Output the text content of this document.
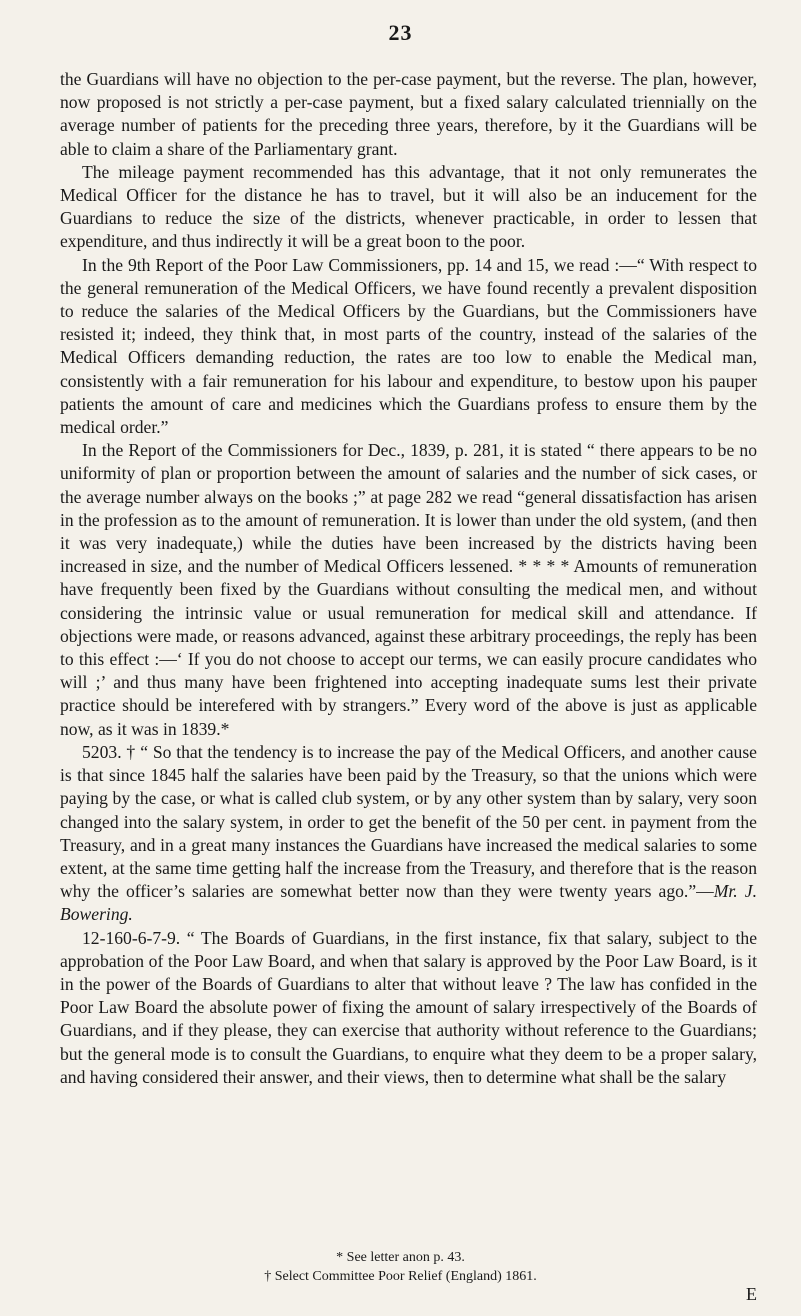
23

the Guardians will have no objection to the per-case payment, but the reverse. The plan, however, now proposed is not strictly a per-case payment, but a fixed salary calculated triennially on the average number of patients for the preceding three years, therefore, by it the Guardians will be able to claim a share of the Parliamentary grant.

The mileage payment recommended has this advantage, that it not only remunerates the Medical Officer for the distance he has to travel, but it will also be an inducement for the Guardians to reduce the size of the districts, whenever practicable, in order to lessen that expenditure, and thus indirectly it will be a great boon to the poor.

In the 9th Report of the Poor Law Commissioners, pp. 14 and 15, we read :—“ With respect to the general remuneration of the Medical Officers, we have found recently a prevalent disposition to reduce the salaries of the Medical Officers by the Guardians, but the Commissioners have resisted it; indeed, they think that, in most parts of the country, instead of the salaries of the Medical Officers demanding reduction, the rates are too low to enable the Medical man, consistently with a fair remuneration for his labour and expenditure, to bestow upon his pauper patients the amount of care and medicines which the Guardians profess to ensure them by the medical order.”

In the Report of the Commissioners for Dec., 1839, p. 281, it is stated “ there appears to be no uniformity of plan or proportion between the amount of salaries and the number of sick cases, or the average number always on the books ;” at page 282 we read “general dissatisfaction has arisen in the profession as to the amount of remuneration. It is lower than under the old system, (and then it was very inadequate,) while the duties have been increased by the districts having been increased in size, and the number of Medical Officers lessened. * * * * Amounts of remuneration have frequently been fixed by the Guardians without consulting the medical men, and without considering the intrinsic value or usual remuneration for medical skill and attendance. If objections were made, or reasons advanced, against these arbitrary proceedings, the reply has been to this effect :—‘ If you do not choose to accept our terms, we can easily procure candidates who will ;’ and thus many have been frightened into accepting inadequate sums lest their private practice should be interefered with by strangers.” Every word of the above is just as applicable now, as it was in 1839.*

5203. † “ So that the tendency is to increase the pay of the Medical Officers, and another cause is that since 1845 half the salaries have been paid by the Treasury, so that the unions which were paying by the case, or what is called club system, or by any other system than by salary, very soon changed into the salary system, in order to get the benefit of the 50 per cent. in payment from the Treasury, and in a great many instances the Guardians have increased the medical salaries to some extent, at the same time getting half the increase from the Treasury, and therefore that is the reason why the officer’s salaries are somewhat better now than they were twenty years ago.”—Mr. J. Bowering.

12-160-6-7-9. “ The Boards of Guardians, in the first instance, fix that salary, subject to the approbation of the Poor Law Board, and when that salary is approved by the Poor Law Board, is it in the power of the Boards of Guardians to alter that without leave ? The law has confided in the Poor Law Board the absolute power of fixing the amount of salary irrespectively of the Boards of Guardians, and if they please, they can exercise that authority without reference to the Guardians; but the general mode is to consult the Guardians, to enquire what they deem to be a proper salary, and having considered their answer, and their views, then to determine what shall be the salary

* See letter anon p. 43.
† Select Committee Poor Relief (England) 1861.
E
